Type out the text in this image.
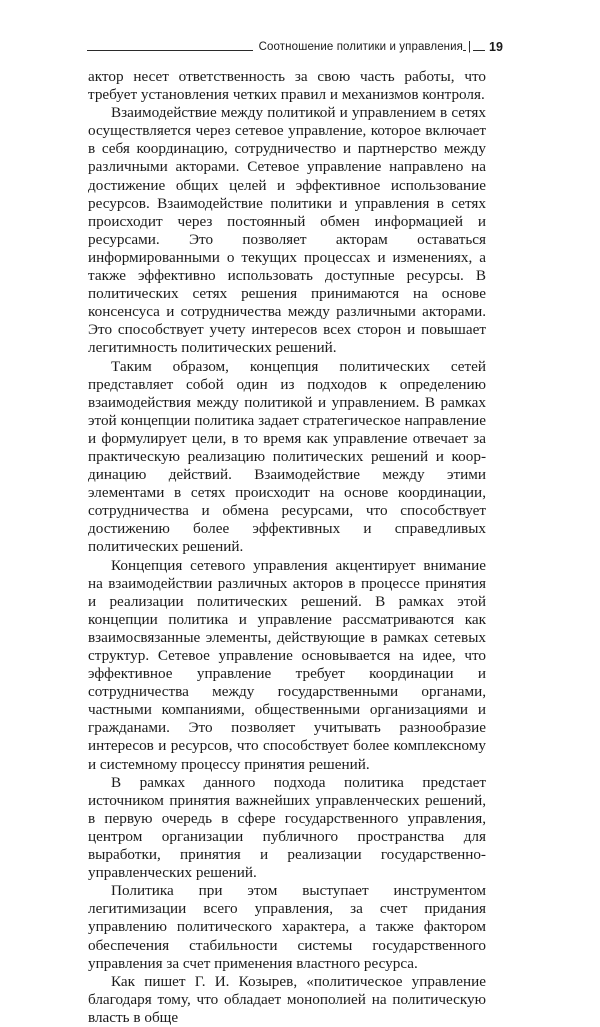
Соотношение политики и управления | 19

актор несет ответственность за свою часть работы, что требует установления четких правил и механизмов контроля.

Взаимодействие между политикой и управлением в сетях осуществляется через сетевое управление, которое включает в себя координацию, сотрудничество и партнерство между различными акторами. Сетевое управление направлено на достижение общих целей и эффективное использование ресурсов. Взаимодействие политики и управления в сетях происходит через постоянный обмен информацией и ресурсами. Это позволяет акторам оставаться информированными о текущих процессах и изменениях, а также эффективно использовать доступные ресурсы. В политических сетях решения принимаются на основе консенсуса и сотрудничества между различными акторами. Это способствует учету интересов всех сторон и повышает легитимность политических решений.

Таким образом, концепция политических сетей представляет собой один из подходов к определению взаимодействия между политикой и управлением. В рамках этой концепции политика задает стратегическое направление и формулирует цели, в то время как управление отвечает за практическую реализацию политических решений и координацию действий. Взаимодействие между этими элементами в сетях происходит на основе координации, сотрудничества и обмена ресурсами, что способствует достижению более эффективных и справедливых политических решений.

Концепция сетевого управления акцентирует внимание на взаимодействии различных акторов в процессе принятия и реализации политических решений. В рамках этой концепции политика и управление рассматриваются как взаимосвязанные элементы, действующие в рамках сетевых структур. Сетевое управление основывается на идее, что эффективное управление требует координации и сотрудничества между государственными органами, частными компаниями, общественными организациями и гражданами. Это позволяет учитывать разнообразие интересов и ресурсов, что способствует более комплексному и системному процессу принятия решений.

В рамках данного подхода политика предстает источником принятия важнейших управленческих решений, в первую очередь в сфере государственного управления, центром организации публичного пространства для выработки, принятия и реализации государственно-управленческих решений.

Политика при этом выступает инструментом легитимизации всего управления, за счет придания управлению политического характера, а также фактором обеспечения стабильности системы государственного управления за счет применения властного ресурса.

Как пишет Г. И. Козырев, «политическое управление благодаря тому, что обладает монополией на политическую власть в обще
